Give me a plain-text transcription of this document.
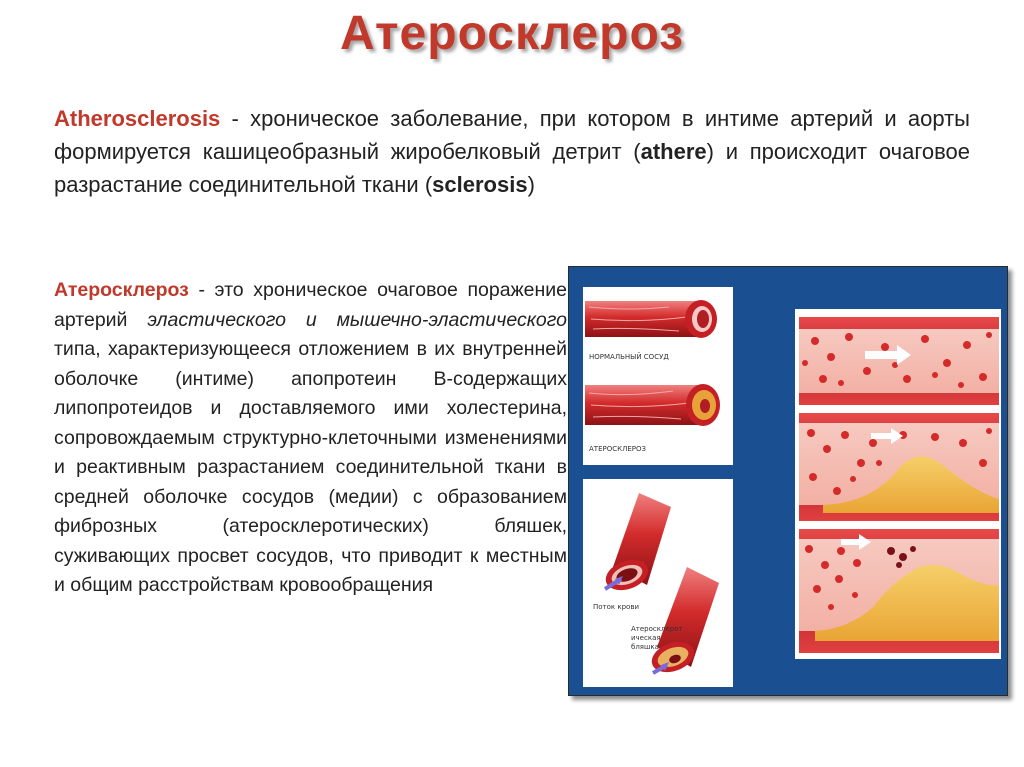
Атеросклероз
Atherosclerosis - хроническое заболевание, при котором в интиме артерий и аорты формируется кашицеобразный жиробелковый детрит (athere) и происходит очаговое разрастание соединительной ткани (sclerosis)
Атеросклероз - это хроническое очаговое поражение артерий эластического и мышечно-эластического типа, характеризующееся отложением в их внутренней оболочке (интиме) апопротеин В-содержащих липопротеидов и доставляемого ими холестерина, сопровождаемым структурно-клеточными изменениями и реактивным разрастанием соединительной ткани в средней оболочке сосудов (медии) с образованием фиброзных (атеросклеротических) бляшек, суживающих просвет сосудов, что приводит к местным и общим расстройствам кровообращения
НОРМАЛЬНЫЙ СОСУД
АТЕРОСКЛЕРОЗ
Поток крови
Атеросклерот
ическая
бляшка
